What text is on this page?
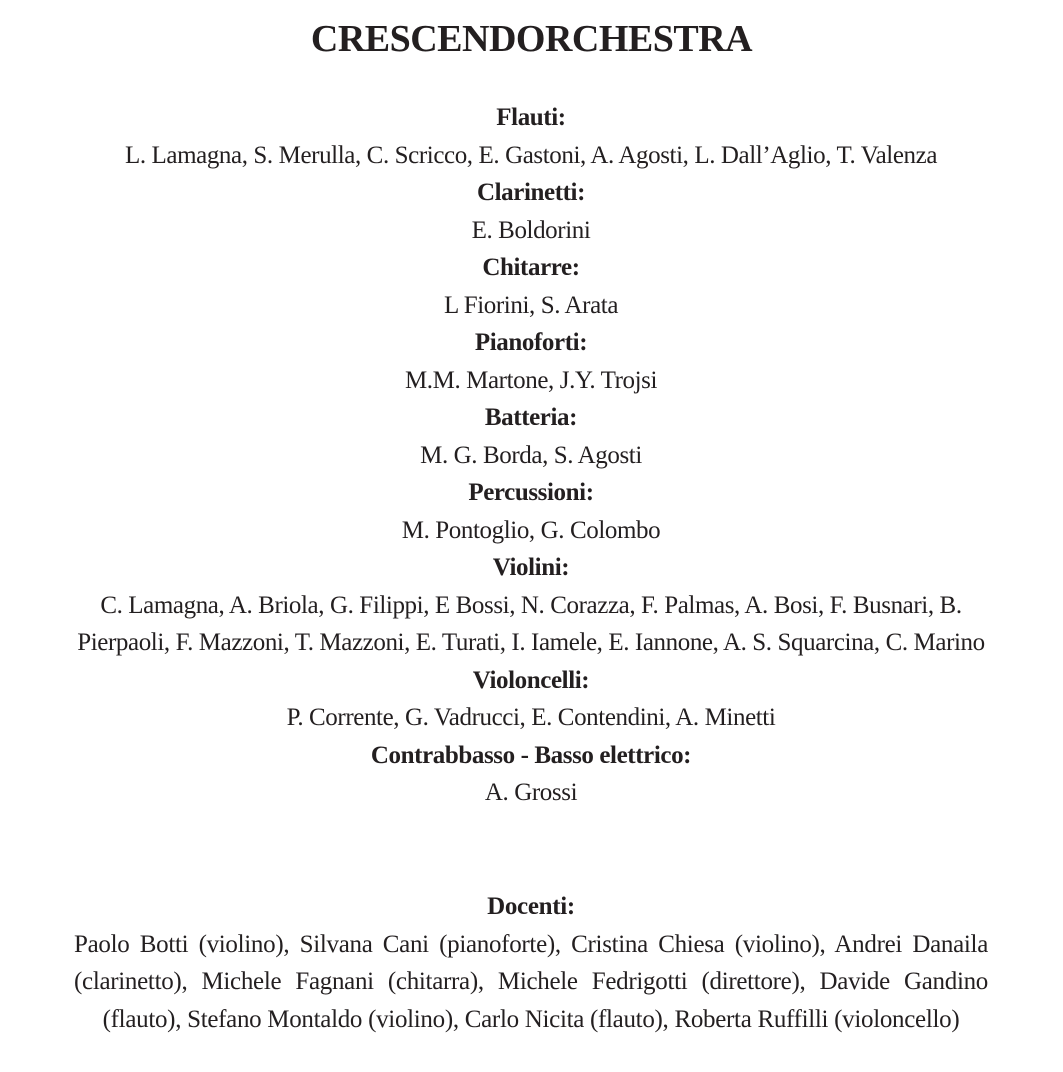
CRESCENDORCHESTRA
Flauti:
L. Lamagna, S. Merulla, C. Scricco, E. Gastoni, A. Agosti, L. Dall’Aglio, T. Valenza
Clarinetti:
E. Boldorini
Chitarre:
L Fiorini, S. Arata
Pianoforti:
M.M. Martone, J.Y. Trojsi
Batteria:
M. G. Borda, S. Agosti
Percussioni:
M. Pontoglio, G. Colombo
Violini:
C. Lamagna, A. Briola, G. Filippi, E Bossi, N. Corazza, F. Palmas, A. Bosi, F. Busnari, B. Pierpaoli, F. Mazzoni, T. Mazzoni, E. Turati, I. Iamele, E. Iannone, A. S. Squarcina, C. Marino
Violoncelli:
P. Corrente, G. Vadrucci, E. Contendini, A. Minetti
Contrabbasso - Basso elettrico:
A. Grossi
Docenti:
Paolo Botti (violino), Silvana Cani (pianoforte), Cristina Chiesa (violino), Andrei Danaila (clarinetto), Michele Fagnani (chitarra), Michele Fedrigotti (direttore), Davide Gandino (flauto), Stefano Montaldo (violino), Carlo Nicita (flauto), Roberta Ruffilli (violoncello)
